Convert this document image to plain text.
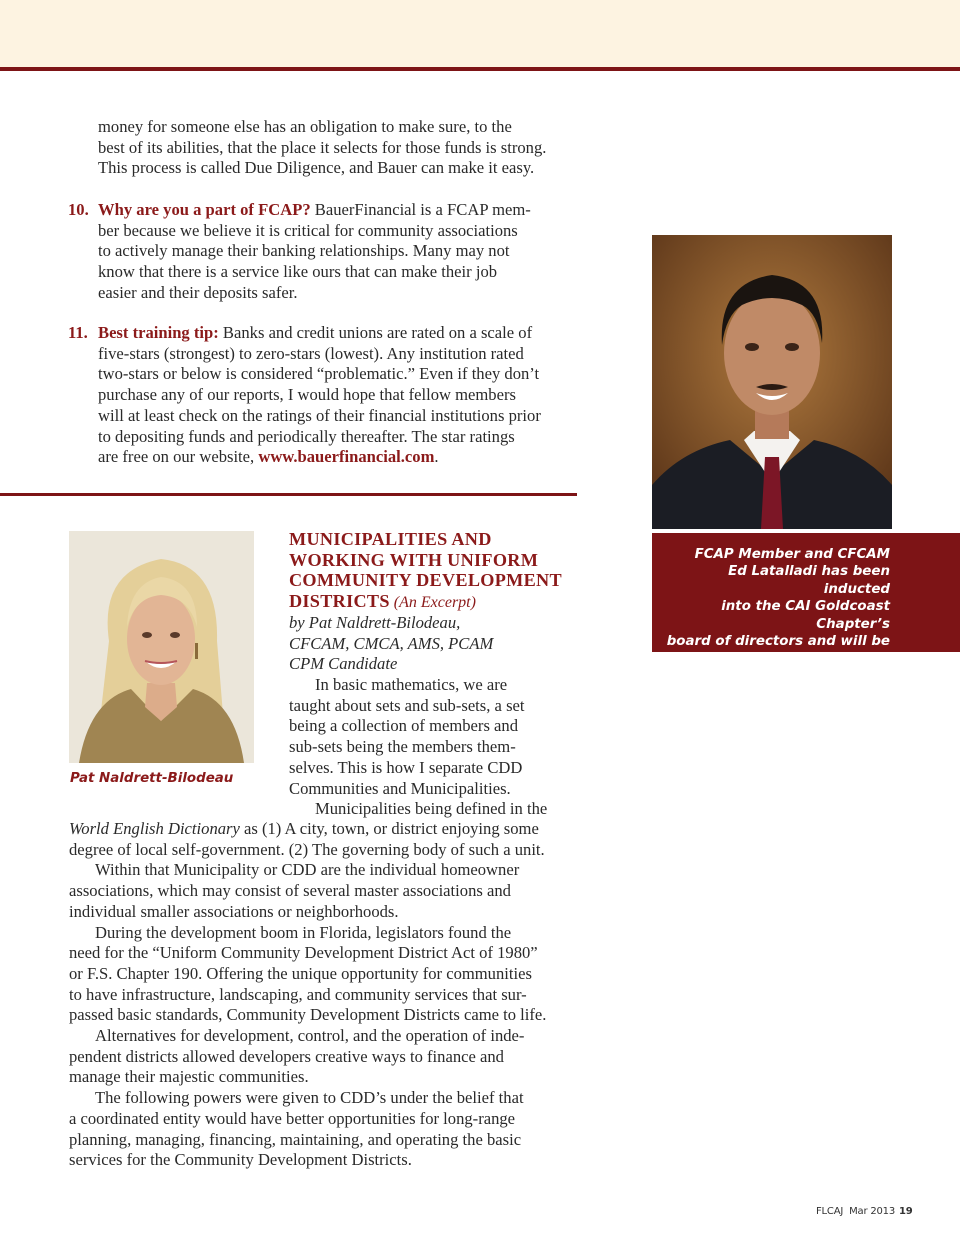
money for someone else has an obligation to make sure, to the
best of its abilities, that the place it selects for those funds is strong.
This process is called Due Diligence, and Bauer can make it easy.
10. Why are you a part of FCAP? BauerFinancial is a FCAP mem-
ber because we believe it is critical for community associations
to actively manage their banking relationships. Many may not
know that there is a service like ours that can make their job
easier and their deposits safer.
11. Best training tip: Banks and credit unions are rated on a scale of
five-stars (strongest) to zero-stars (lowest). Any institution rated
two-stars or below is considered “problematic.” Even if they don’t
purchase any of our reports, I would hope that fellow members
will at least check on the ratings of their financial institutions prior
to depositing funds and periodically thereafter. The star ratings
are free on our website, www.bauerfinancial.com.

FCAP Member and CFCAM
Ed Latalladi has been inducted
into the CAI Goldcoast Chapter’s
board of directors and will be the
Education Committee Chair.

Pat Naldrett-Bilodeau

MUNICIPALITIES AND
WORKING WITH UNIFORM
COMMUNITY DEVELOPMENT
DISTRICTS (An Excerpt)
by Pat Naldrett-Bilodeau,
CFCAM, CMCA, AMS, PCAM
CPM Candidate

In basic mathematics, we are

taught about sets and sub-sets, a set

being a collection of members and

sub-sets being the members them-

selves. This is how I separate CDD

Communities and Municipalities.

Municipalities being defined in the

World English Dictionary as (1) A city, town, or district enjoying some

degree of local self-government. (2) The governing body of such a unit.

Within that Municipality or CDD are the individual homeowner

associations, which may consist of several master associations and

individual smaller associations or neighborhoods.

During the development boom in Florida, legislators found the

need for the “Uniform Community Development District Act of 1980”

or F.S. Chapter 190. Offering the unique opportunity for communities

to have infrastructure, landscaping, and community services that sur-

passed basic standards, Community Development Districts came to life.

Alternatives for development, control, and the operation of inde-

pendent districts allowed developers creative ways to finance and

manage their majestic communities.

The following powers were given to CDD’s under the belief that

a coordinated entity would have better opportunities for long-range

planning, managing, financing, maintaining, and operating the basic

services for the Community Development Districts.

FLCAJ Mar 2013 19
